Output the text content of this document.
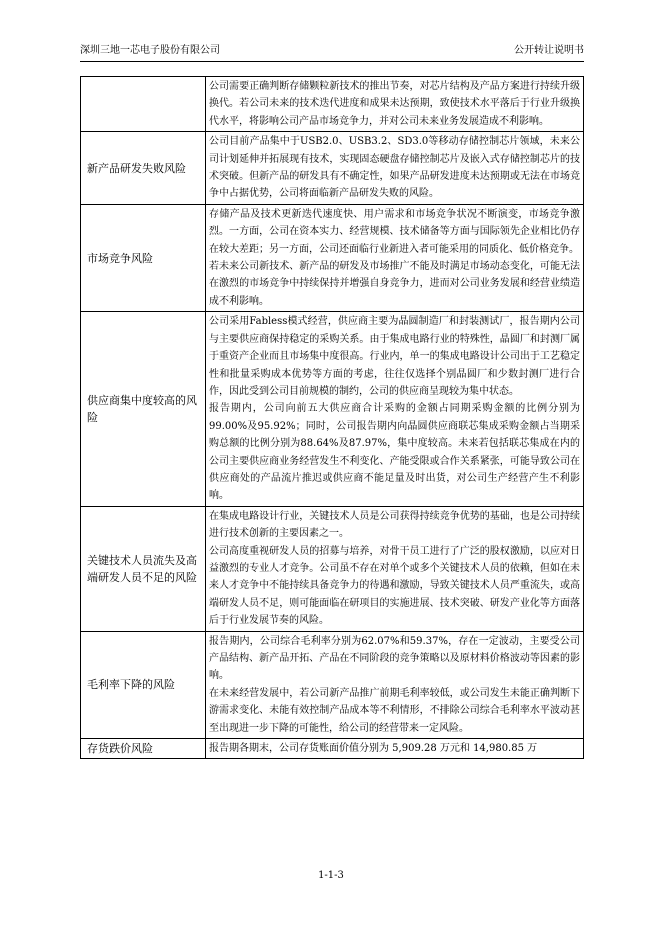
深圳三地一芯电子股份有限公司	公开转让说明书

	公司需要正确判断存储颗粒新技术的推出节奏，对芯片结构及产品方案进行持续升级换代。若公司未来的技术迭代进度和成果未达预期，致使技术水平落后于行业升级换代水平，将影响公司产品市场竞争力，并对公司未来业务发展造成不利影响。

新产品研发失败风险	公司目前产品集中于USB2.0、USB3.2、SD3.0等移动存储控制芯片领域，未来公司计划延伸并拓展现有技术，实现固态硬盘存储控制芯片及嵌入式存储控制芯片的技术突破。但新产品的研发具有不确定性，如果产品研发进度未达预期或无法在市场竞争中占据优势，公司将面临新产品研发失败的风险。

市场竞争风险	存储产品及技术更新迭代速度快、用户需求和市场竞争状况不断演变，市场竞争激烈。一方面，公司在资本实力、经营规模、技术储备等方面与国际领先企业相比仍存在较大差距；另一方面，公司还面临行业新进入者可能采用的同质化、低价格竞争。

若未来公司新技术、新产品的研发及市场推广不能及时满足市场动态变化，可能无法在激烈的市场竞争中持续保持并增强自身竞争力，进而对公司业务发展和经营业绩造成不利影响。

供应商集中度较高的风险	公司采用Fabless模式经营，供应商主要为晶圆制造厂和封装测试厂，报告期内公司与主要供应商保持稳定的采购关系。由于集成电路行业的特殊性，晶圆厂和封测厂属于重资产企业而且市场集中度很高。行业内，单一的集成电路设计公司出于工艺稳定性和批量采购成本优势等方面的考虑，往往仅选择个别晶圆厂和少数封测厂进行合作，因此受到公司目前规模的制约，公司的供应商呈现较为集中状态。

报告期内，公司向前五大供应商合计采购的金额占同期采购金额的比例分别为99.00%及95.92%；同时，公司报告期内向晶圆供应商联芯集成采购金额占当期采购总额的比例分别为88.64%及87.97%，集中度较高。未来若包括联芯集成在内的公司主要供应商业务经营发生不利变化、产能受限或合作关系紧张，可能导致公司在供应商处的产品流片推迟或供应商不能足量及时出货，对公司生产经营产生不利影响。

关键技术人员流失及高端研发人员不足的风险	在集成电路设计行业，关键技术人员是公司获得持续竞争优势的基础，也是公司持续进行技术创新的主要因素之一。

公司高度重视研发人员的招募与培养，对骨干员工进行了广泛的股权激励，以应对日益激烈的专业人才竞争。公司虽不存在对单个或多个关键技术人员的依赖，但如在未来人才竞争中不能持续具备竞争力的待遇和激励，导致关键技术人员严重流失，或高端研发人员不足，则可能面临在研项目的实施进展、技术突破、研发产业化等方面落后于行业发展节奏的风险。

毛利率下降的风险	报告期内，公司综合毛利率分别为62.07%和59.37%，存在一定波动，主要受公司产品结构、新产品开拓、产品在不同阶段的竞争策略以及原材料价格波动等因素的影响。

在未来经营发展中，若公司新产品推广前期毛利率较低，或公司发生未能正确判断下游需求变化、未能有效控制产品成本等不利情形，不排除公司综合毛利率水平波动甚至出现进一步下降的可能性，给公司的经营带来一定风险。

存货跌价风险	报告期各期末，公司存货账面价值分别为 5,909.28 万元和 14,980.85 万

1-1-3
